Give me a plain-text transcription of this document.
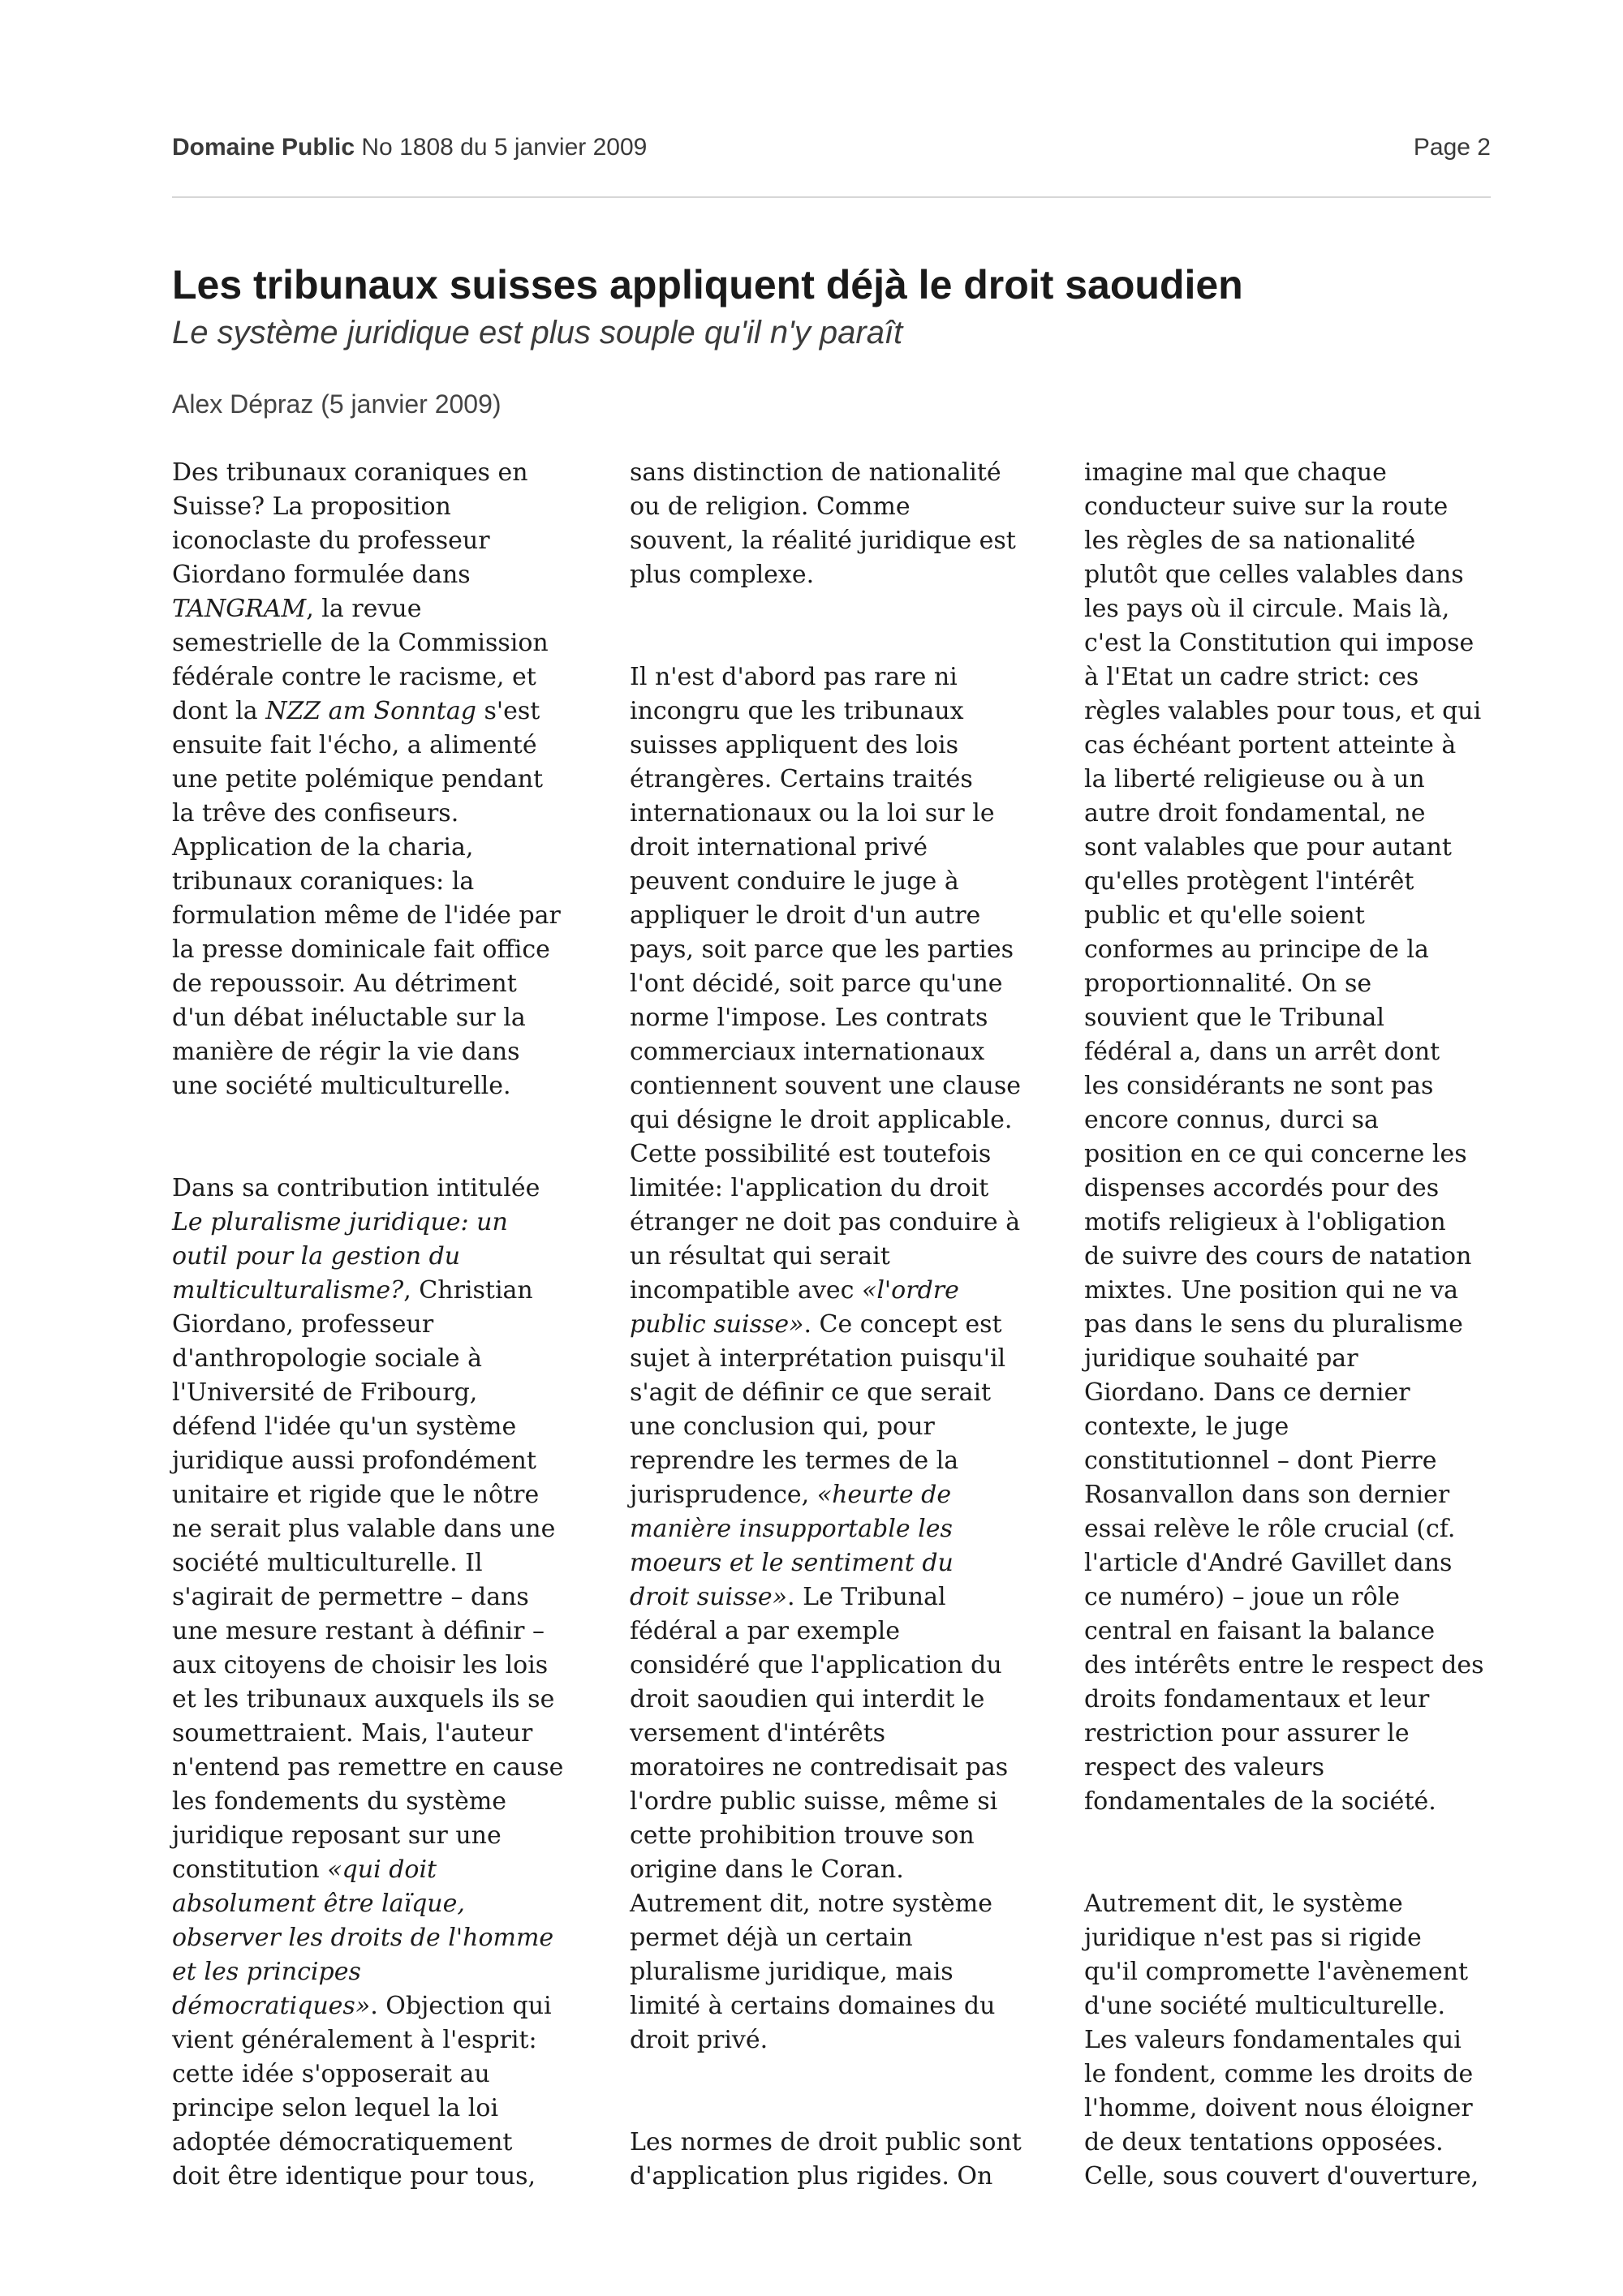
Domaine Public No 1808 du 5 janvier 2009	Page 2
Les tribunaux suisses appliquent déjà le droit saoudien
Le système juridique est plus souple qu'il n'y paraît
Alex Dépraz (5 janvier 2009)

Des tribunaux coraniques en
Suisse? La proposition
iconoclaste du professeur
Giordano formulée dans
TANGRAM, la revue
semestrielle de la Commission
fédérale contre le racisme, et
dont la NZZ am Sonntag s'est
ensuite fait l'écho, a alimenté
une petite polémique pendant
la trêve des confiseurs.
Application de la charia,
tribunaux coraniques: la
formulation même de l'idée par
la presse dominicale fait office
de repoussoir. Au détriment
d'un débat inéluctable sur la
manière de régir la vie dans
une société multiculturelle.

Dans sa contribution intitulée
Le pluralisme juridique: un
outil pour la gestion du
multiculturalisme?, Christian
Giordano, professeur
d'anthropologie sociale à
l'Université de Fribourg,
défend l'idée qu'un système
juridique aussi profondément
unitaire et rigide que le nôtre
ne serait plus valable dans une
société multiculturelle. Il
s'agirait de permettre – dans
une mesure restant à définir –
aux citoyens de choisir les lois
et les tribunaux auxquels ils se
soumettraient. Mais, l'auteur
n'entend pas remettre en cause
les fondements du système
juridique reposant sur une
constitution «qui doit
absolument être laïque,
observer les droits de l'homme
et les principes
démocratiques». Objection qui
vient généralement à l'esprit:
cette idée s'opposerait au
principe selon lequel la loi
adoptée démocratiquement
doit être identique pour tous,

sans distinction de nationalité
ou de religion. Comme
souvent, la réalité juridique est
plus complexe.

Il n'est d'abord pas rare ni
incongru que les tribunaux
suisses appliquent des lois
étrangères. Certains traités
internationaux ou la loi sur le
droit international privé
peuvent conduire le juge à
appliquer le droit d'un autre
pays, soit parce que les parties
l'ont décidé, soit parce qu'une
norme l'impose. Les contrats
commerciaux internationaux
contiennent souvent une clause
qui désigne le droit applicable.
Cette possibilité est toutefois
limitée: l'application du droit
étranger ne doit pas conduire à
un résultat qui serait
incompatible avec «l'ordre
public suisse». Ce concept est
sujet à interprétation puisqu'il
s'agit de définir ce que serait
une conclusion qui, pour
reprendre les termes de la
jurisprudence, «heurte de
manière insupportable les
moeurs et le sentiment du
droit suisse». Le Tribunal
fédéral a par exemple
considéré que l'application du
droit saoudien qui interdit le
versement d'intérêts
moratoires ne contredisait pas
l'ordre public suisse, même si
cette prohibition trouve son
origine dans le Coran.
Autrement dit, notre système
permet déjà un certain
pluralisme juridique, mais
limité à certains domaines du
droit privé.

Les normes de droit public sont
d'application plus rigides. On

imagine mal que chaque
conducteur suive sur la route
les règles de sa nationalité
plutôt que celles valables dans
les pays où il circule. Mais là,
c'est la Constitution qui impose
à l'Etat un cadre strict: ces
règles valables pour tous, et qui
cas échéant portent atteinte à
la liberté religieuse ou à un
autre droit fondamental, ne
sont valables que pour autant
qu'elles protègent l'intérêt
public et qu'elle soient
conformes au principe de la
proportionnalité. On se
souvient que le Tribunal
fédéral a, dans un arrêt dont
les considérants ne sont pas
encore connus, durci sa
position en ce qui concerne les
dispenses accordés pour des
motifs religieux à l'obligation
de suivre des cours de natation
mixtes. Une position qui ne va
pas dans le sens du pluralisme
juridique souhaité par
Giordano. Dans ce dernier
contexte, le juge
constitutionnel – dont Pierre
Rosanvallon dans son dernier
essai relève le rôle crucial (cf.
l'article d'André Gavillet dans
ce numéro) – joue un rôle
central en faisant la balance
des intérêts entre le respect des
droits fondamentaux et leur
restriction pour assurer le
respect des valeurs
fondamentales de la société.

Autrement dit, le système
juridique n'est pas si rigide
qu'il compromette l'avènement
d'une société multiculturelle.
Les valeurs fondamentales qui
le fondent, comme les droits de
l'homme, doivent nous éloigner
de deux tentations opposées.
Celle, sous couvert d'ouverture,
